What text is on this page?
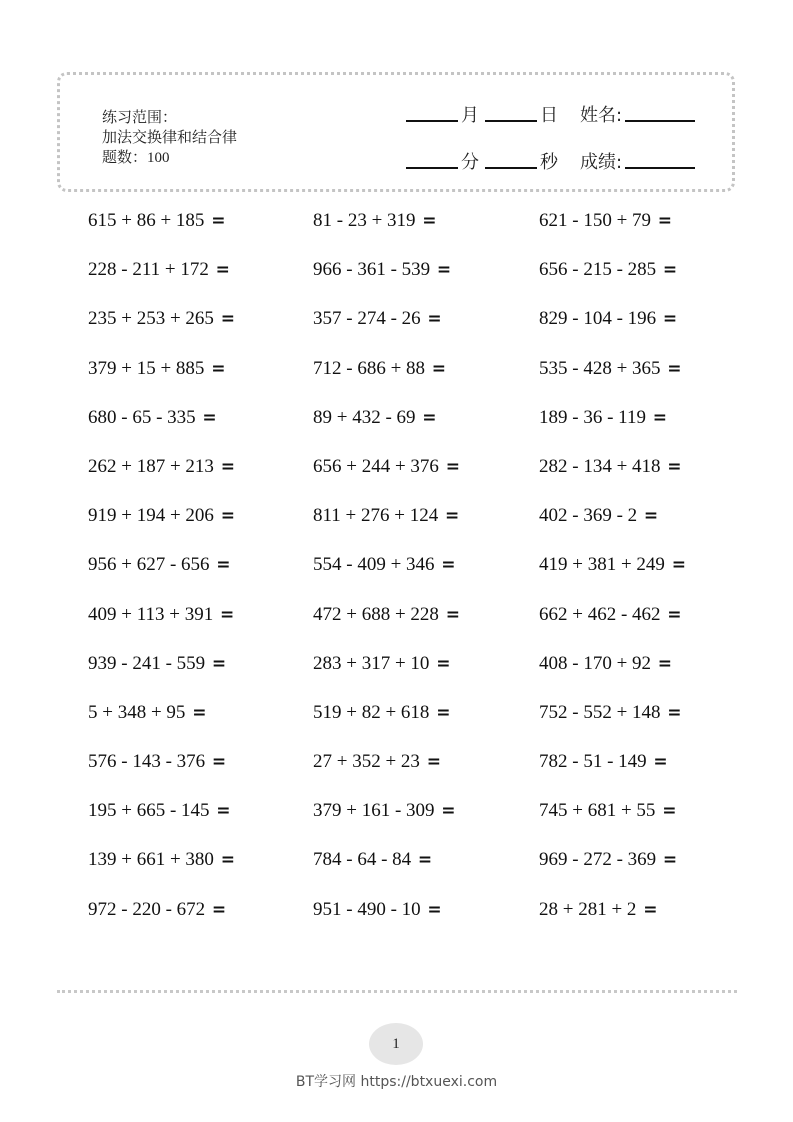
练习范围：
加法交换律和结合律
题数：100
月	日 姓名:
分	秒 成绩:
615 + 86 + 185 =	81 - 23 + 319 =	621 - 150 + 79 =
228 - 211 + 172 =	966 - 361 - 539 =	656 - 215 - 285 =
235 + 253 + 265 =	357 - 274 - 26 =	829 - 104 - 196 =
379 + 15 + 885 =	712 - 686 + 88 =	535 - 428 + 365 =
680 - 65 - 335 =	89 + 432 - 69 =	189 - 36 - 119 =
262 + 187 + 213 =	656 + 244 + 376 =	282 - 134 + 418 =
919 + 194 + 206 =	811 + 276 + 124 =	402 - 369 - 2 =
956 + 627 - 656 =	554 - 409 + 346 =	419 + 381 + 249 =
409 + 113 + 391 =	472 + 688 + 228 =	662 + 462 - 462 =
939 - 241 - 559 =	283 + 317 + 10 =	408 - 170 + 92 =
5 + 348 + 95 =	519 + 82 + 618 =	752 - 552 + 148 =
576 - 143 - 376 =	27 + 352 + 23 =	782 - 51 - 149 =
195 + 665 - 145 =	379 + 161 - 309 =	745 + 681 + 55 =
139 + 661 + 380 =	784 - 64 - 84 =	969 - 272 - 369 =
972 - 220 - 672 =	951 - 490 - 10 =	28 + 281 + 2 =
1
BT学习网 https://btxuexi.com
